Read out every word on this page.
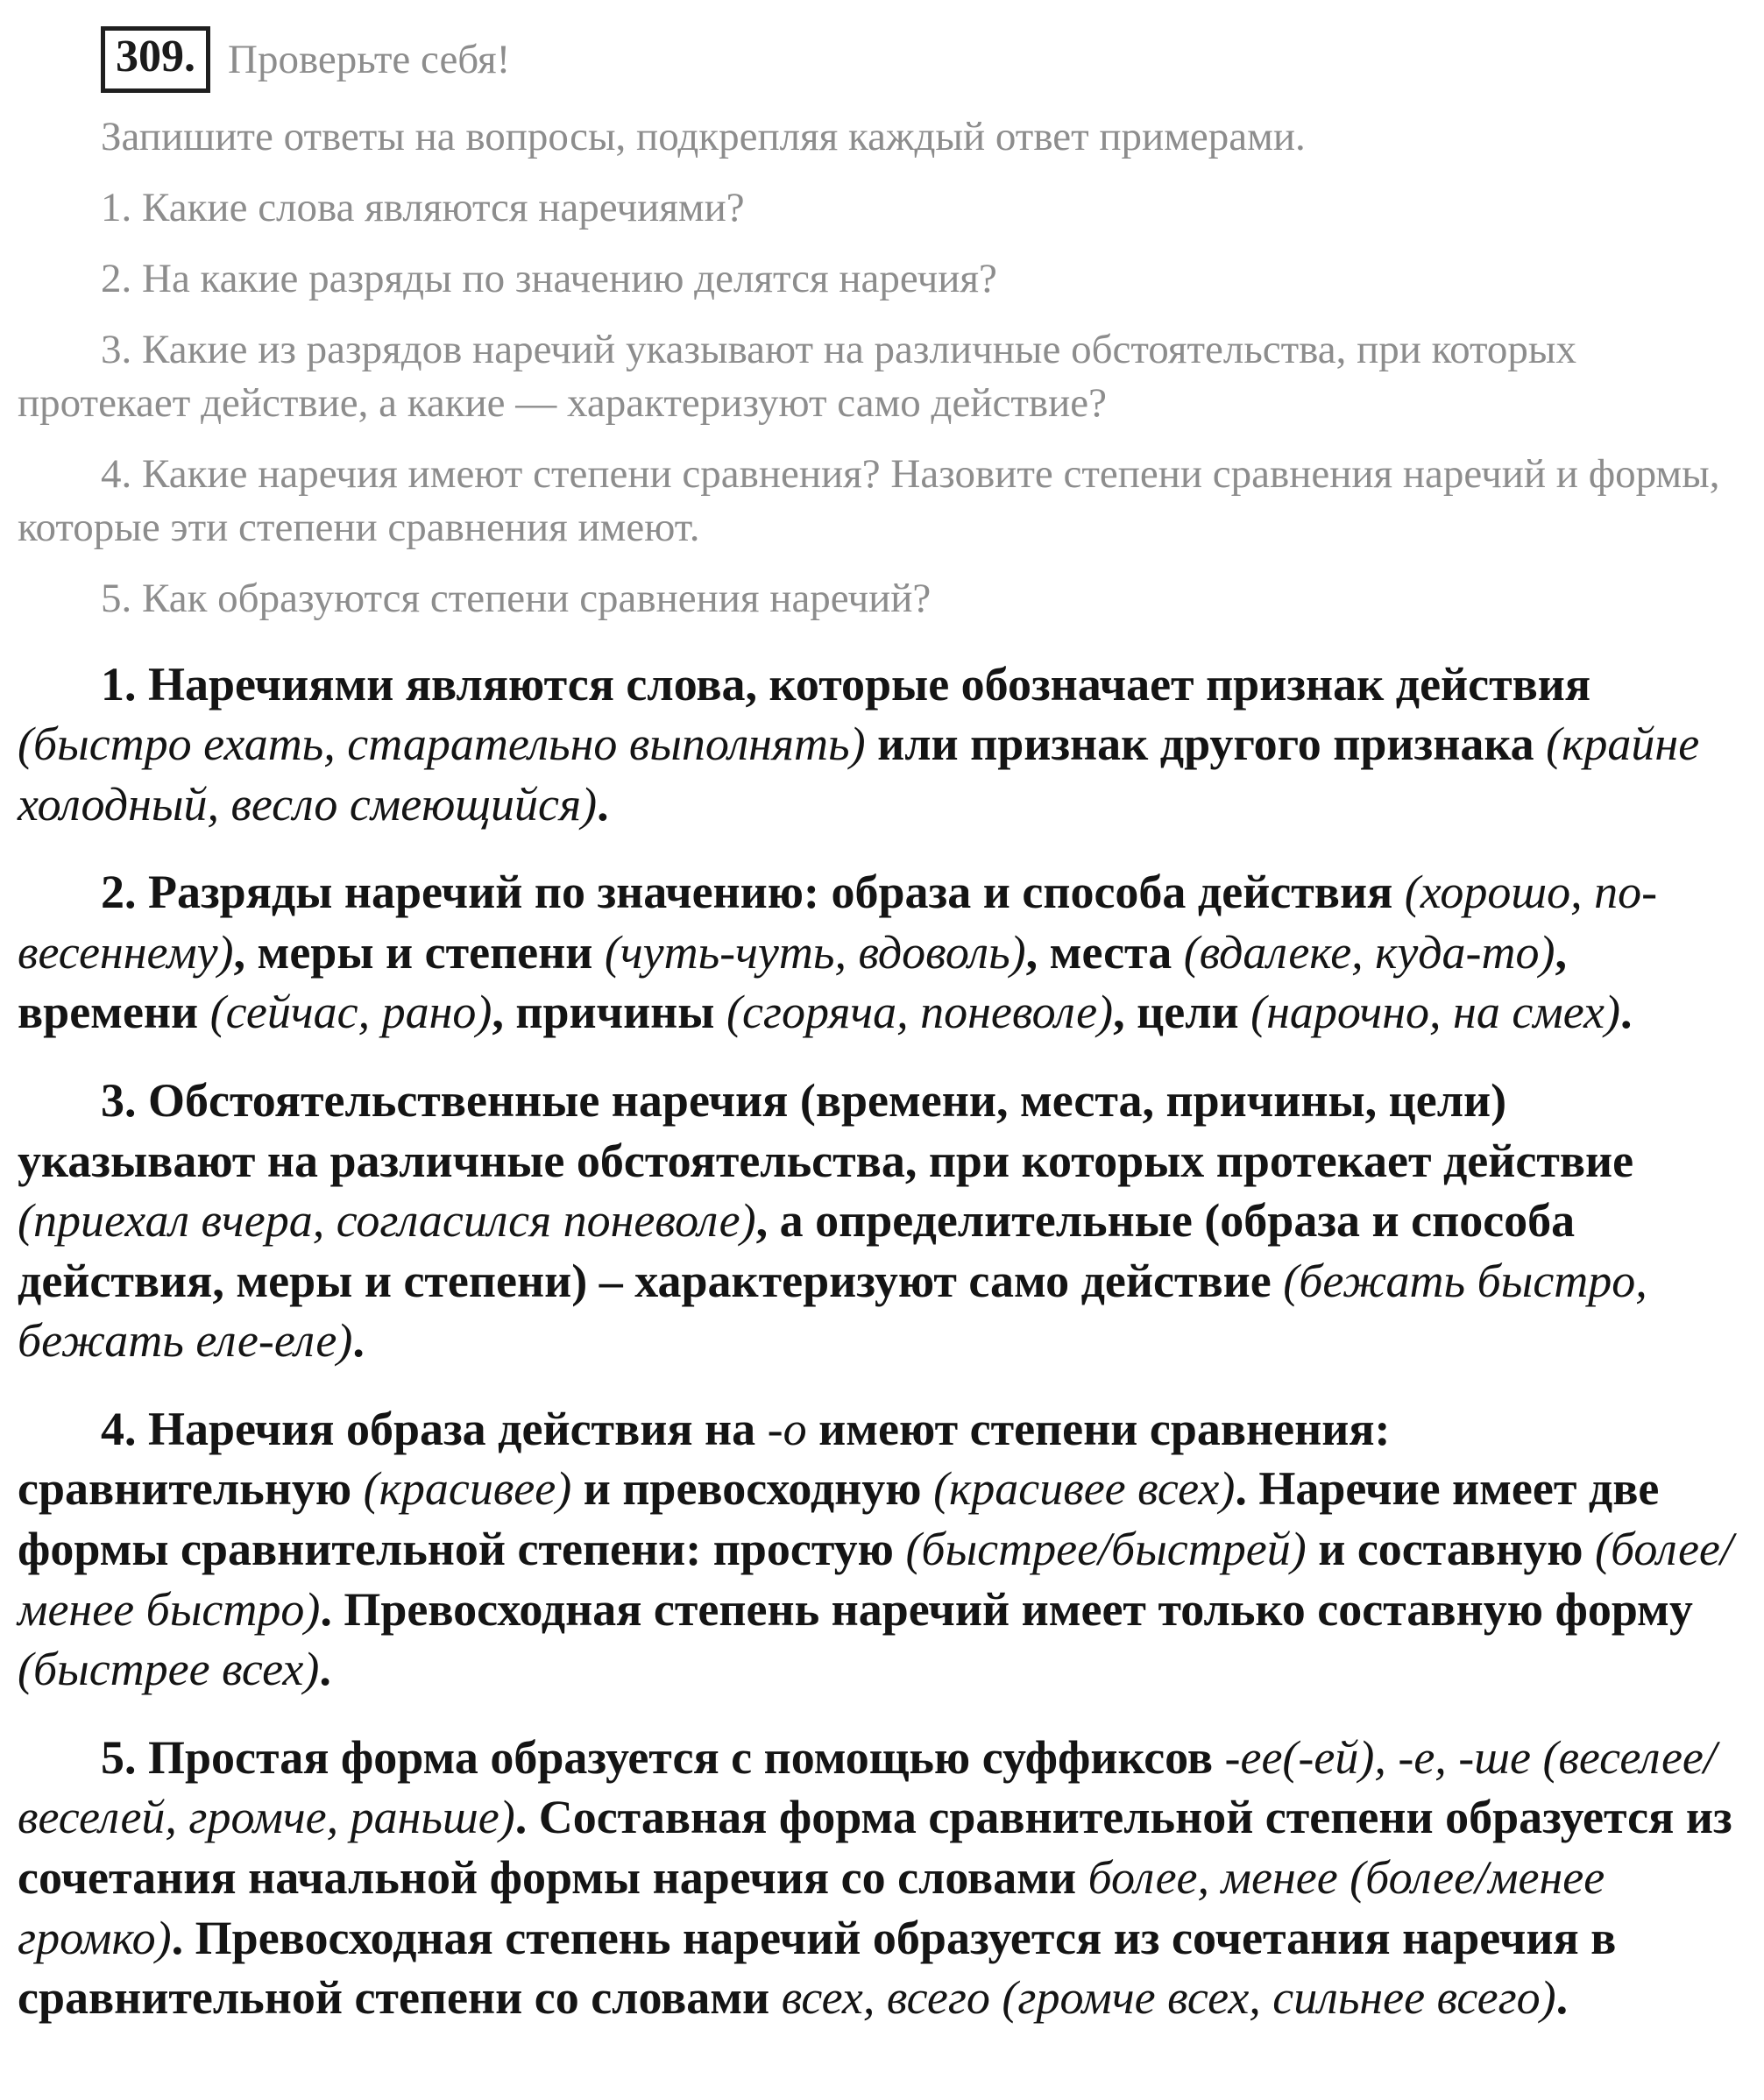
309. Проверьте себя!

Запишите ответы на вопросы, подкрепляя каждый ответ примерами.

1. Какие слова являются наречиями?

2. На какие разряды по значению делятся наречия?

3. Какие из разрядов наречий указывают на различные обстоятельства, при которых протекает действие, а какие — характеризуют само действие?

4. Какие наречия имеют степени сравнения? Назовите степени сравнения наречий и формы, которые эти степени сравнения имеют.

5. Как образуются степени сравнения наречий?

1. Наречиями являются слова, которые обозначает признак действия (быстро ехать, старательно выполнять) или признак другого признака (крайне холодный, весло смеющийся).

2. Разряды наречий по значению: образа и способа действия (хорошо, по-весеннему), меры и степени (чуть-чуть, вдоволь), места (вдалеке, куда-то), времени (сейчас, рано), причины (сгоряча, поневоле), цели (нарочно, на смех).

3. Обстоятельственные наречия (времени, места, причины, цели) указывают на различные обстоятельства, при которых протекает действие (приехал вчера, согласился поневоле), а определительные (образа и способа действия, меры и степени) – характеризуют само действие (бежать быстро, бежать еле-еле).

4. Наречия образа действия на -о имеют степени сравнения: сравнительную (красивее) и превосходную (красивее всех). Наречие имеет две формы сравнительной степени: простую (быстрее/быстрей) и составную (более/менее быстро). Превосходная степень наречий имеет только составную форму (быстрее всех).

5. Простая форма образуется с помощью суффиксов -ее(-ей), -е, -ше (веселее/веселей, громче, раньше). Составная форма сравнительной степени образуется из сочетания начальной формы наречия со словами более, менее (более/менее громко). Превосходная степень наречий образуется из сочетания наречия в сравнительной степени со словами всех, всего (громче всех, сильнее всего).
